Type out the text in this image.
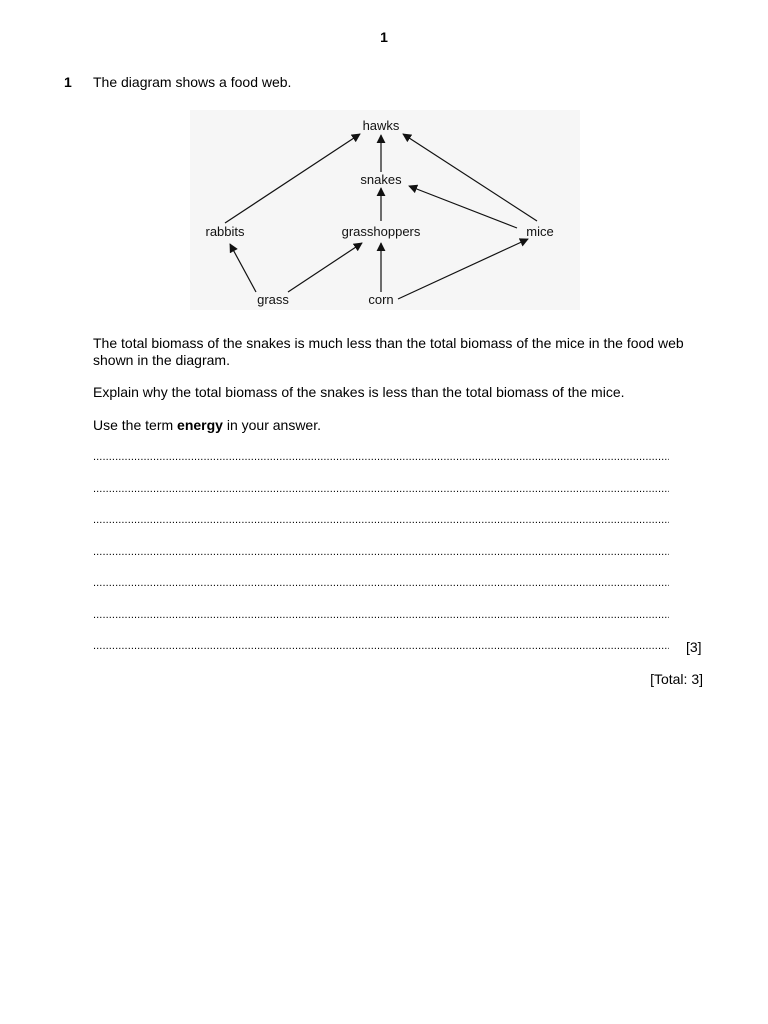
1
1 The diagram shows a food web.
hawks
snakes
rabbits	grasshoppers	mice
grass	corn
The total biomass of the snakes is much less than the total biomass of the mice in the food web shown in the diagram.
Explain why the total biomass of the snakes is less than the total biomass of the mice.
Use the term energy in your answer.
.....
.....
.....
.....
.....
.....
.....
[3]
[Total: 3]
